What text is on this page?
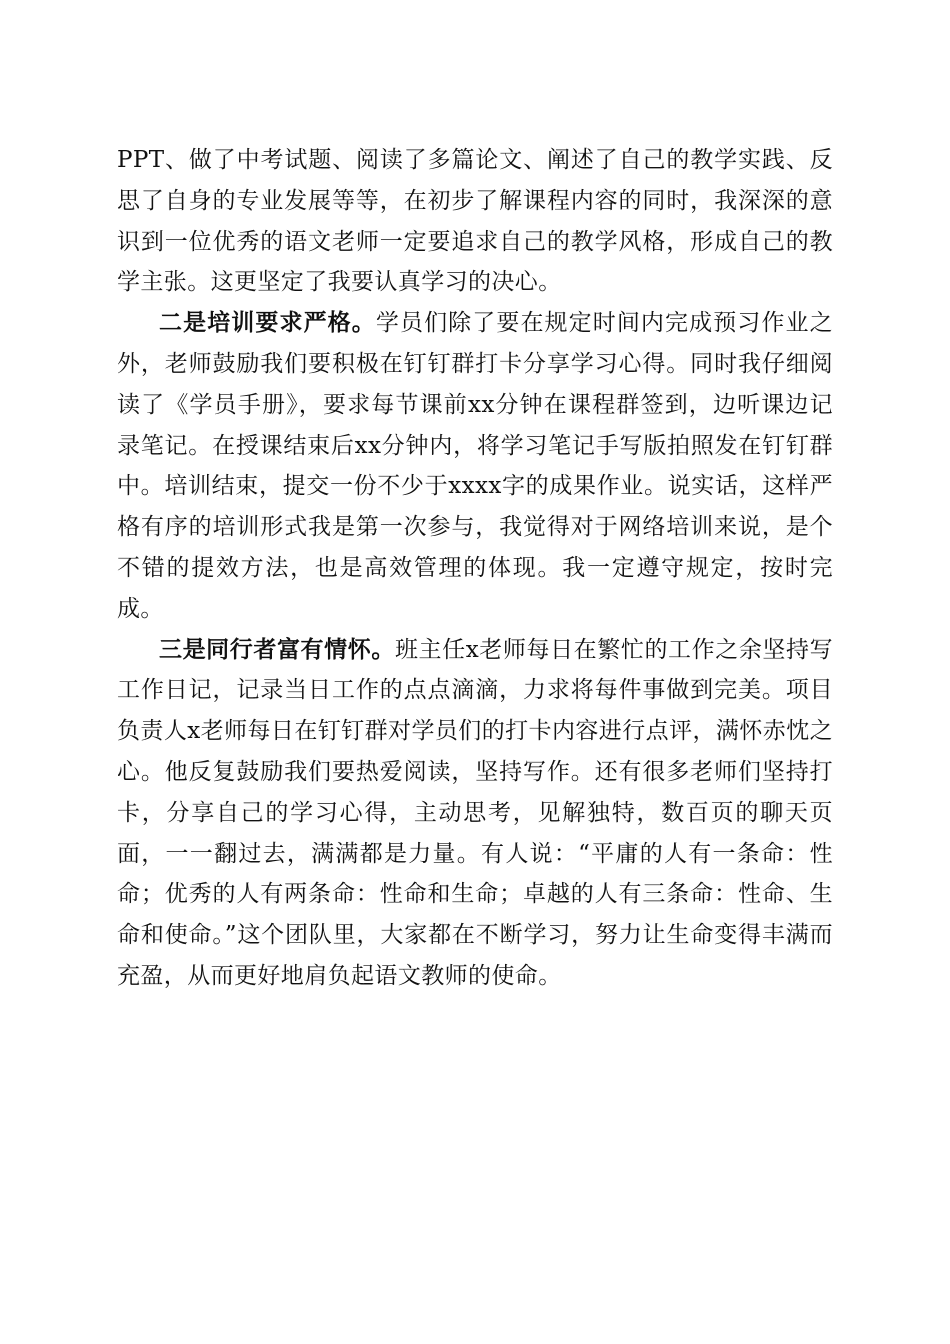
PPT、做了中考试题、阅读了多篇论文、阐述了自己的教学实践、反思了自身的专业发展等等，在初步了解课程内容的同时，我深深的意识到一位优秀的语文老师一定要追求自己的教学风格，形成自己的教学主张。这更坚定了我要认真学习的决心。

二是培训要求严格。学员们除了要在规定时间内完成预习作业之外，老师鼓励我们要积极在钉钉群打卡分享学习心得。同时我仔细阅读了《学员手册》，要求每节课前xx分钟在课程群签到，边听课边记录笔记。在授课结束后xx分钟内，将学习笔记手写版拍照发在钉钉群中。培训结束，提交一份不少于xxxx字的成果作业。说实话，这样严格有序的培训形式我是第一次参与，我觉得对于网络培训来说，是个不错的提效方法，也是高效管理的体现。我一定遵守规定，按时完成。

三是同行者富有情怀。班主任x老师每日在繁忙的工作之余坚持写工作日记，记录当日工作的点点滴滴，力求将每件事做到完美。项目负责人x老师每日在钉钉群对学员们的打卡内容进行点评，满怀赤忱之心。他反复鼓励我们要热爱阅读，坚持写作。还有很多老师们坚持打卡，分享自己的学习心得，主动思考，见解独特，数百页的聊天页面，一一翻过去，满满都是力量。有人说：“平庸的人有一条命：性命；优秀的人有两条命：性命和生命；卓越的人有三条命：性命、生命和使命。”这个团队里，大家都在不断学习，努力让生命变得丰满而充盈，从而更好地肩负起语文教师的使命。
